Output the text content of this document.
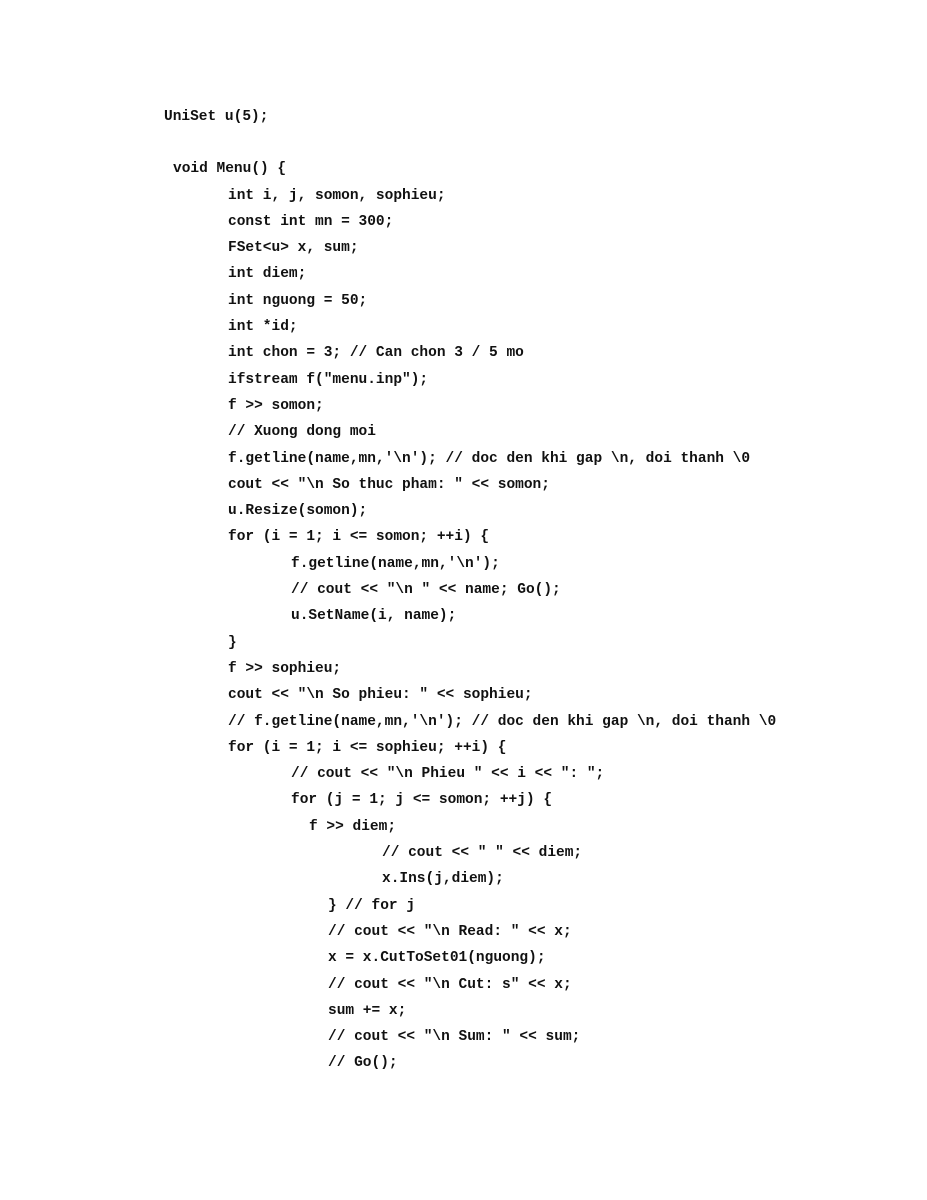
UniSet u(5);
void Menu() {
int i, j, somon, sophieu;
const int mn = 300;
FSet<u> x, sum;
int diem;
int nguong = 50;
int *id;
int chon = 3; // Can chon 3 / 5 mo
ifstream f("menu.inp");
f >> somon;
// Xuong dong moi
f.getline(name,mn,'\n'); // doc den khi gap \n, doi thanh \0
cout << "\n So thuc pham: " << somon;
u.Resize(somon);
for (i = 1; i <= somon; ++i) {
f.getline(name,mn,'\n');
// cout << "\n " << name; Go();
u.SetName(i, name);
}
f >> sophieu;
cout << "\n So phieu: " << sophieu;
// f.getline(name,mn,'\n'); // doc den khi gap \n, doi thanh \0
for (i = 1; i <= sophieu; ++i) {
// cout << "\n Phieu " << i << ": ";
for (j = 1; j <= somon; ++j) {
f >> diem;
// cout << " " << diem;
x.Ins(j,diem);
} // for j
// cout << "\n Read: " << x;
x = x.CutToSet01(nguong);
// cout << "\n Cut: s" << x;
sum += x;
// cout << "\n Sum: " << sum;
// Go();
